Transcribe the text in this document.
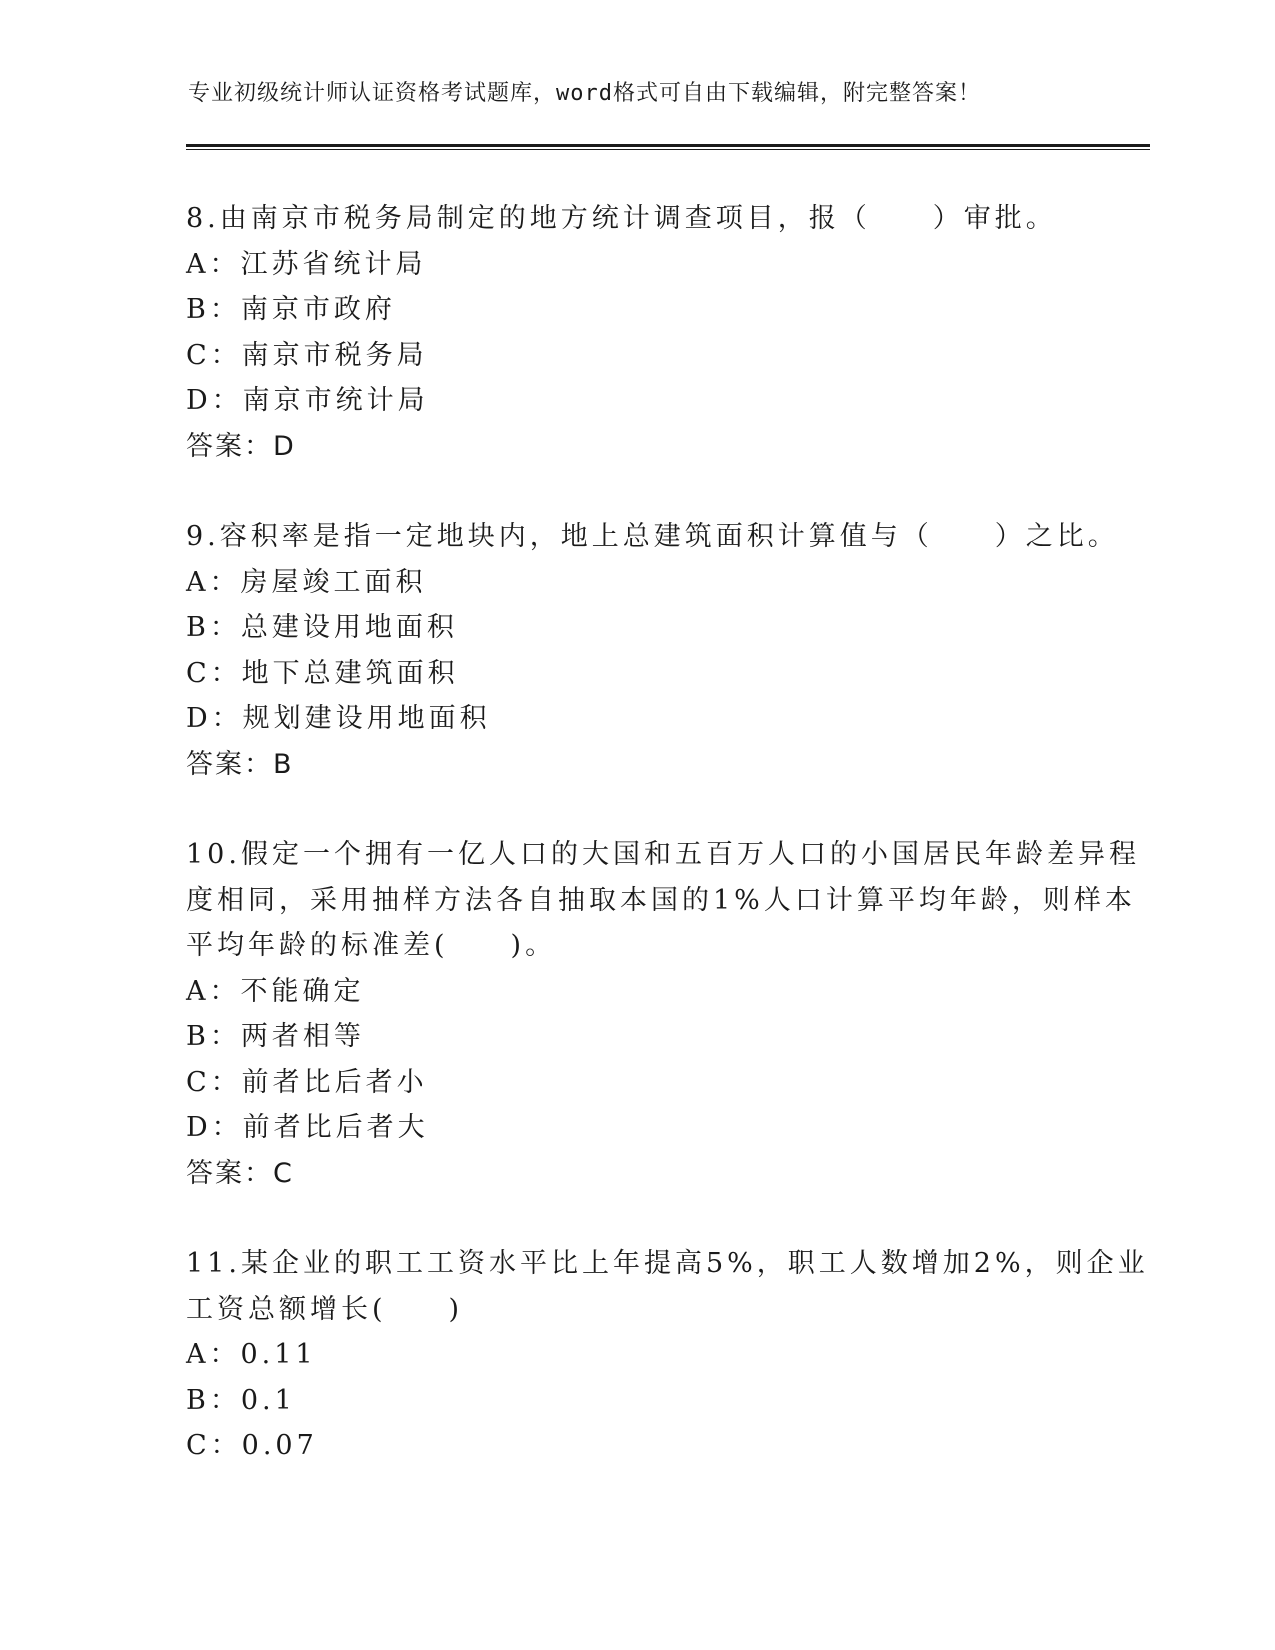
专业初级统计师认证资格考试题库，word格式可自由下载编辑，附完整答案！
8.由南京市税务局制定的地方统计调查项目，报（　　）审批。
A：江苏省统计局
B：南京市政府
C：南京市税务局
D：南京市统计局
答案：D
9.容积率是指一定地块内，地上总建筑面积计算值与（　　）之比。
A：房屋竣工面积
B：总建设用地面积
C：地下总建筑面积
D：规划建设用地面积
答案：B
10.假定一个拥有一亿人口的大国和五百万人口的小国居民年龄差异程
度相同，采用抽样方法各自抽取本国的1%人口计算平均年龄，则样本
平均年龄的标准差(　　)。
A：不能确定
B：两者相等
C：前者比后者小
D：前者比后者大
答案：C
11.某企业的职工工资水平比上年提高5%，职工人数增加2%，则企业
工资总额增长(　　)
A：0.11
B：0.1
C：0.07
